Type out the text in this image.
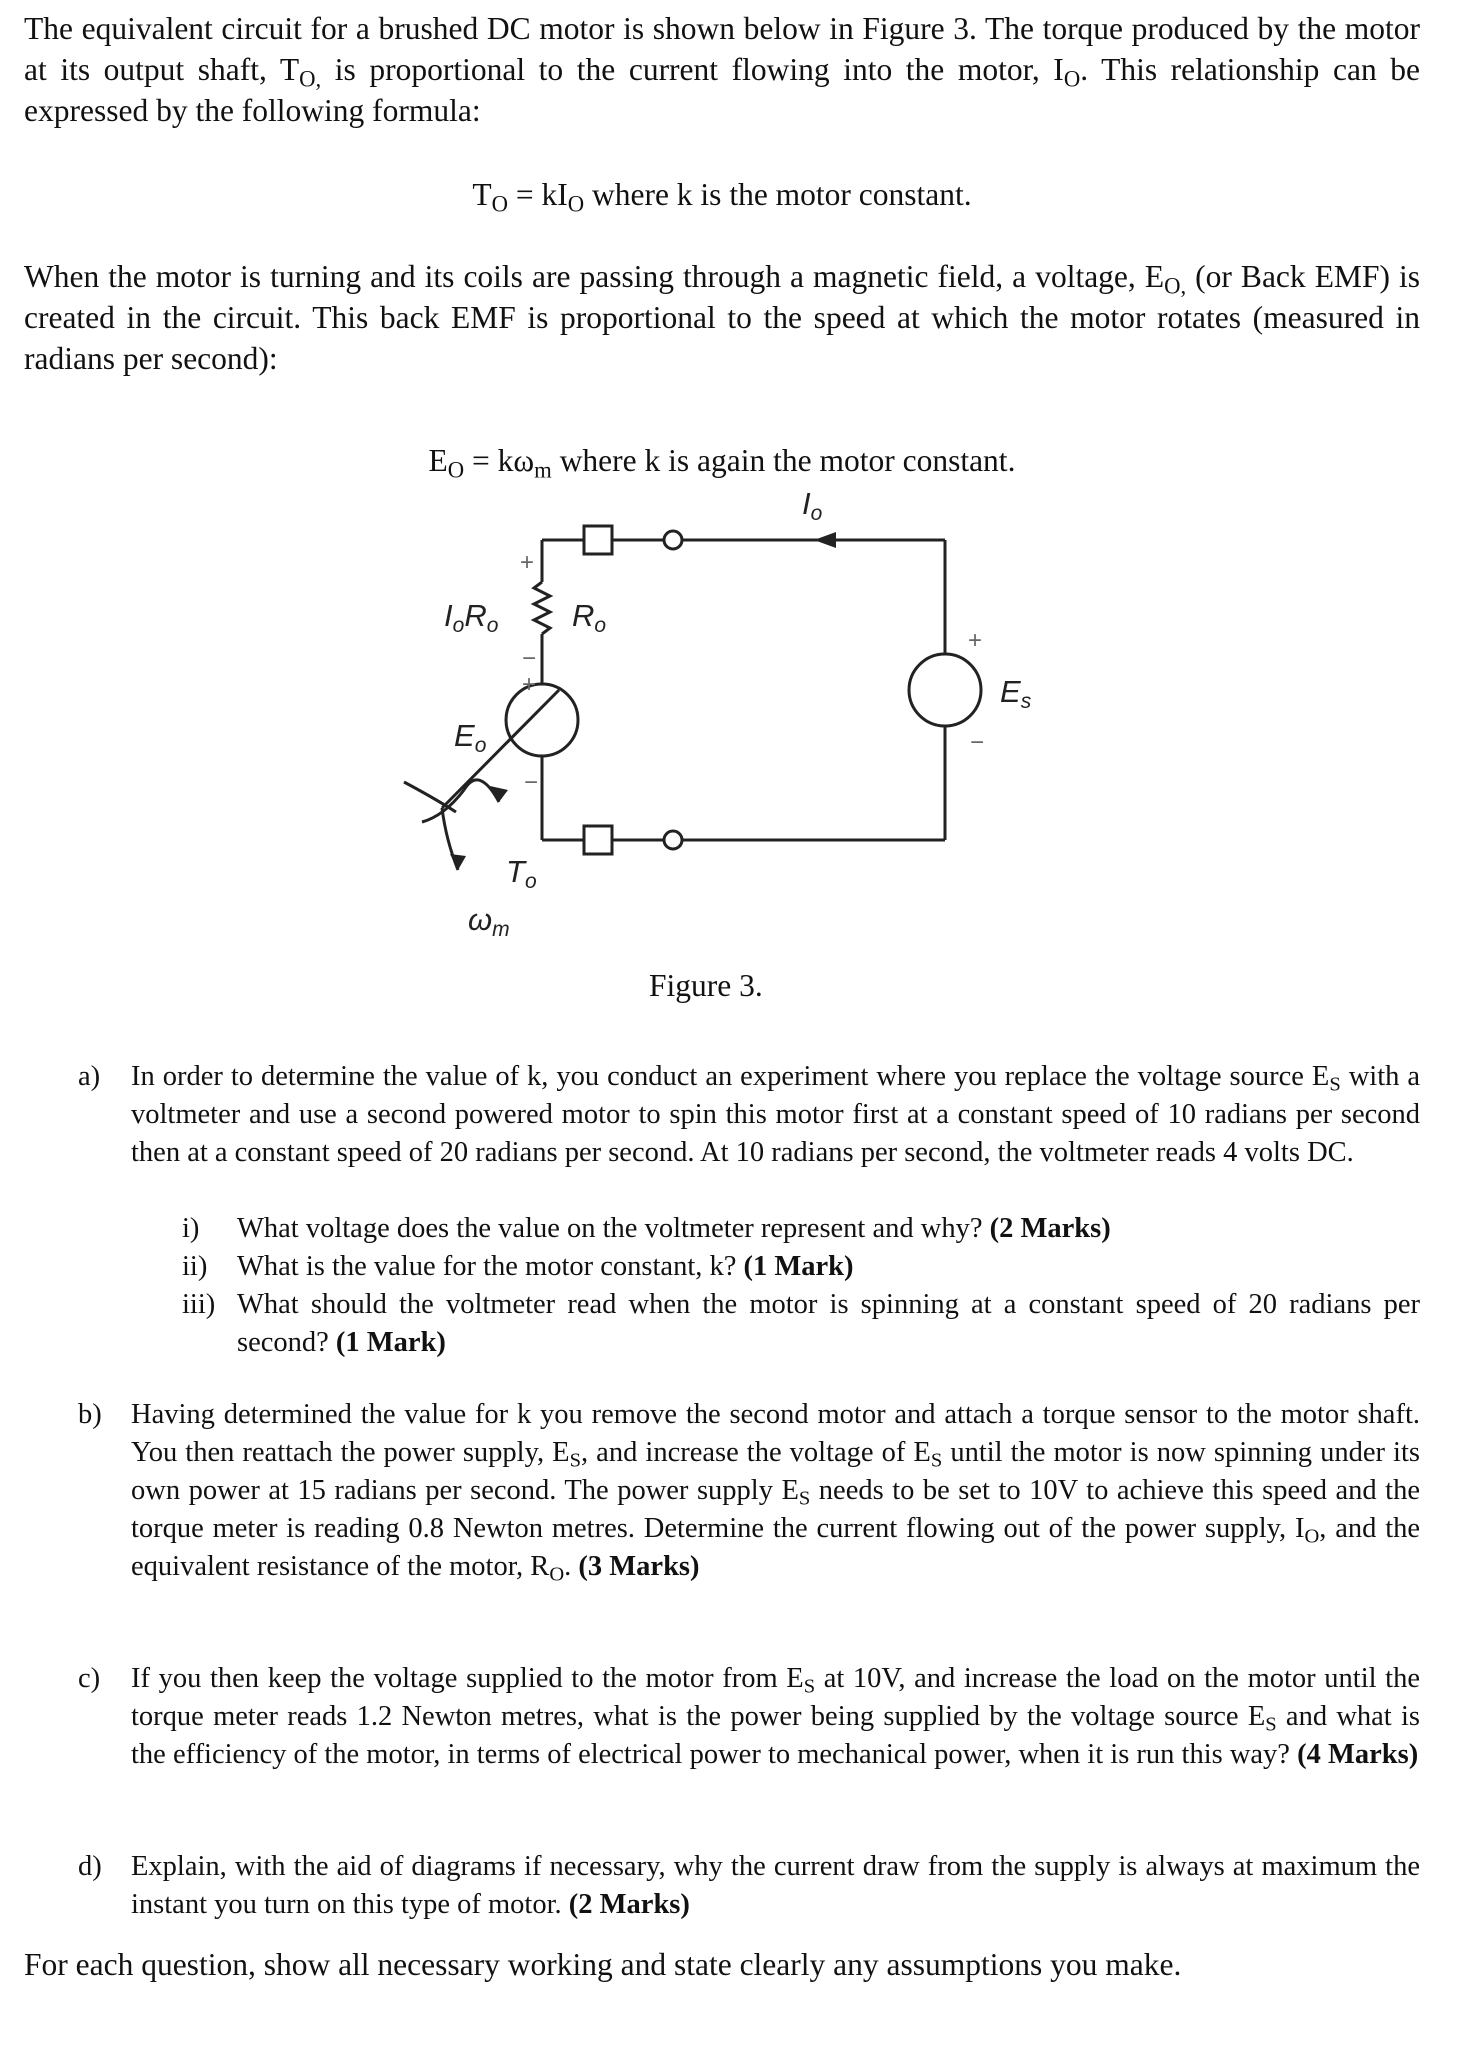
The equivalent circuit for a brushed DC motor is shown below in Figure 3. The torque produced by the motor at its output shaft, $T_{O,}$ is proportional to the current flowing into the motor, $I_O$. This relationship can be expressed by the following formula:

$T_O = kI_O$ where k is the motor constant.

When the motor is turning and its coils are passing through a magnetic field, a voltage, $E_{O,}$ (or Back EMF) is created in the circuit. This back EMF is proportional to the speed at which the motor rotates (measured in radians per second):

$E_O = k\omega_m$ where k is again the motor constant.
Io
IoRo Ro
Eo
Es
To
ωm
+
−
+
−
+
−
Figure 3.
a) In order to determine the value of k, you conduct an experiment where you replace the voltage source $E_S$ with a voltmeter and use a second powered motor to spin this motor first at a constant speed of 10 radians per second then at a constant speed of 20 radians per second. At 10 radians per second, the voltmeter reads 4 volts DC.
i) What voltage does the value on the voltmeter represent and why? (2 Marks)
ii) What is the value for the motor constant, k? (1 Mark)
iii) What should the voltmeter read when the motor is spinning at a constant speed of 20 radians per second? (1 Mark)
b) Having determined the value for k you remove the second motor and attach a torque sensor to the motor shaft. You then reattach the power supply, $E_S$, and increase the voltage of $E_S$ until the motor is now spinning under its own power at 15 radians per second. The power supply $E_S$ needs to be set to 10V to achieve this speed and the torque meter is reading 0.8 Newton metres. Determine the current flowing out of the power supply, $I_O$, and the equivalent resistance of the motor, $R_O$. (3 Marks)
c) If you then keep the voltage supplied to the motor from $E_S$ at 10V, and increase the load on the motor until the torque meter reads 1.2 Newton metres, what is the power being supplied by the voltage source $E_S$ and what is the efficiency of the motor, in terms of electrical power to mechanical power, when it is run this way? (4 Marks)
d) Explain, with the aid of diagrams if necessary, why the current draw from the supply is always at maximum the instant you turn on this type of motor. (2 Marks)

For each question, show all necessary working and state clearly any assumptions you make.
